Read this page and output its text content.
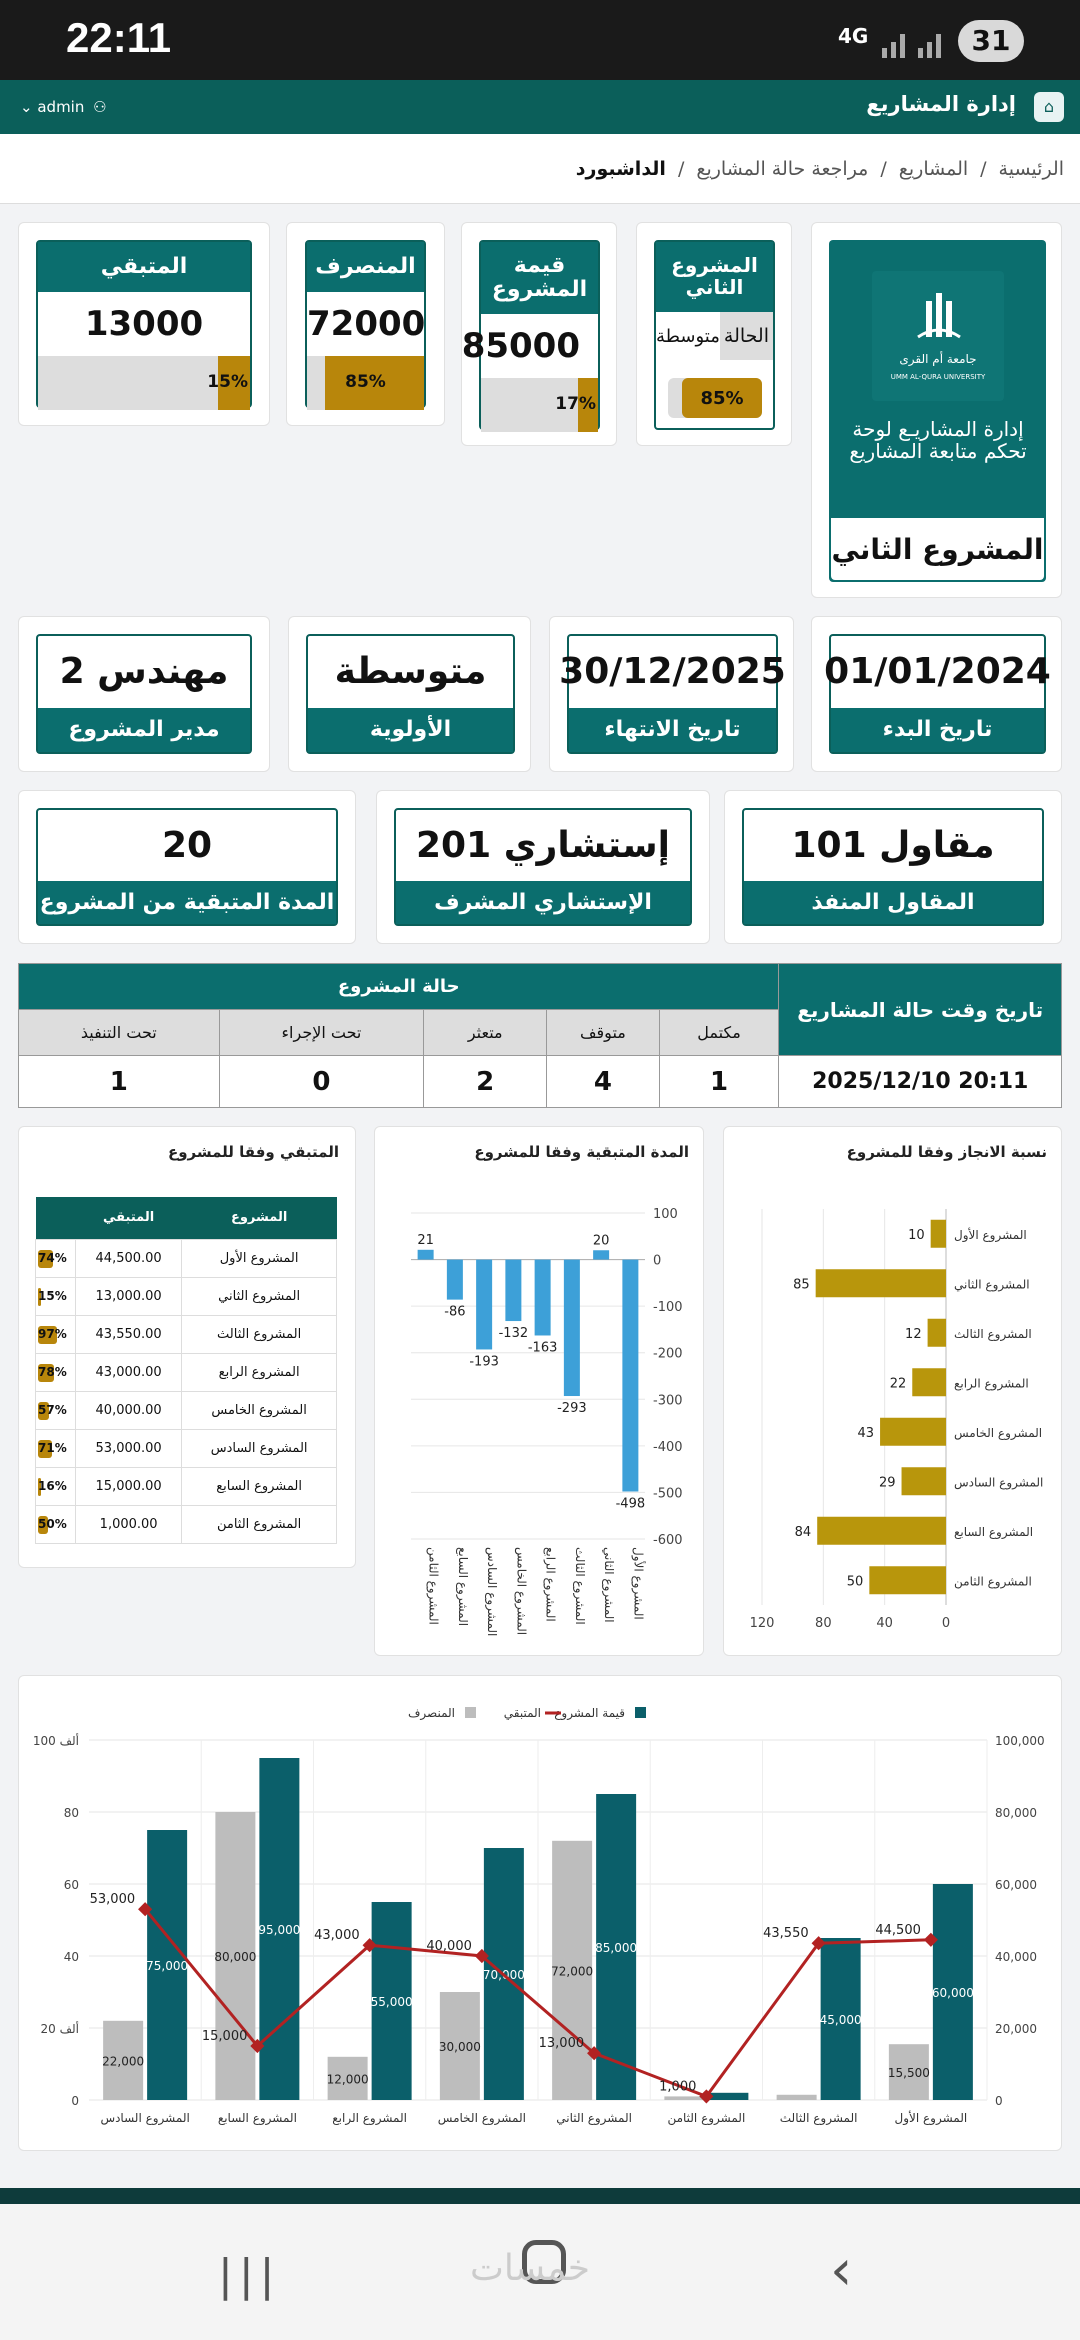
22:11	4G	31
⌄ admin ⚇	إدارة المشاريع	⌂
الرئيسية
/
المشاريع
/
مراجعة حالة المشاريع
/
الداشبورد
جامعة أم القرى
UMM AL-QURA UNIVERSITY
إدارة المشاريـع لوحة تحكم متابعة المشاريع
المشروع الثاني
المشروع الثاني
الحالة
متوسطة
85%
قيمة المشروع
85000
17%
المنصرف
72000
85%
المتبقي
13000
15%
01/01/2024
تاريخ البدء
30/12/2025
تاريخ الانتهاء
متوسطة
الأولوية
مهندس 2
مدير المشروع
مقاول 101
المقاول المنفذ
إستشاري 201
الإستشاري المشرف
20
المدة المتبقية من المشروع
حالة المشروع					تاريخ وقت حالة المشاريع
تحت التنفيذ	تحت الإجراء	متعثر	متوقف	مكتمل	
1	0	2	4	1	2025/12/10 20:11
المتبقي وفقا للمشروع
	المتبقي	المشروع

74%	44,500.00	المشروع الأول

15%	13,000.00	المشروع الثاني

97%	43,550.00	المشروع الثالث

78%	43,000.00	المشروع الرابع

57%	40,000.00	المشروع الخامس

71%	53,000.00	المشروع السادس

16%	15,000.00	المشروع السابع

50%	1,000.00	المشروع الثامن
المدة المتبقية وفقا للمشروع
100
0
-100
-200
-300
-400
-500
-600
-498
المشروع الأول
20
المشروع الثاني
-293
المشروع الثالث
-163
المشروع الرابع
-132
المشروع الخامس
-193
المشروع السادس
-86
المشروع السابع
21
المشروع الثامن
نسبة الانجاز وفقا للمشروع
0
40
80
120
10 المشروع الأول
85	المشروع الثاني
12	المشروع الثالث
22	المشروع الرابع
43	المشروع الخامس
29	المشروع السادس
84	المشروع السابع
50	المشروع الثامن
قيمة المشروع
المتبقي
المنصرف
0	0
20 ألف	20,000
40	40,000
60	60,000
80	80,000
100 ألف	100,000
15,500
60,000
المشروع الأول
45,000
المشروع الثالث
المشروع الثامن
72,000
85,000
المشروع الثاني
30,000
70,000
المشروع الخامس
12,000
55,000
المشروع الرابع
80,000
95,000
المشروع السابع
22,000
75,000
المشروع السادس
44,500
43,550
1,000
13,000
40,000
43,000
15,000
53,000
|||	خمسات	‹
